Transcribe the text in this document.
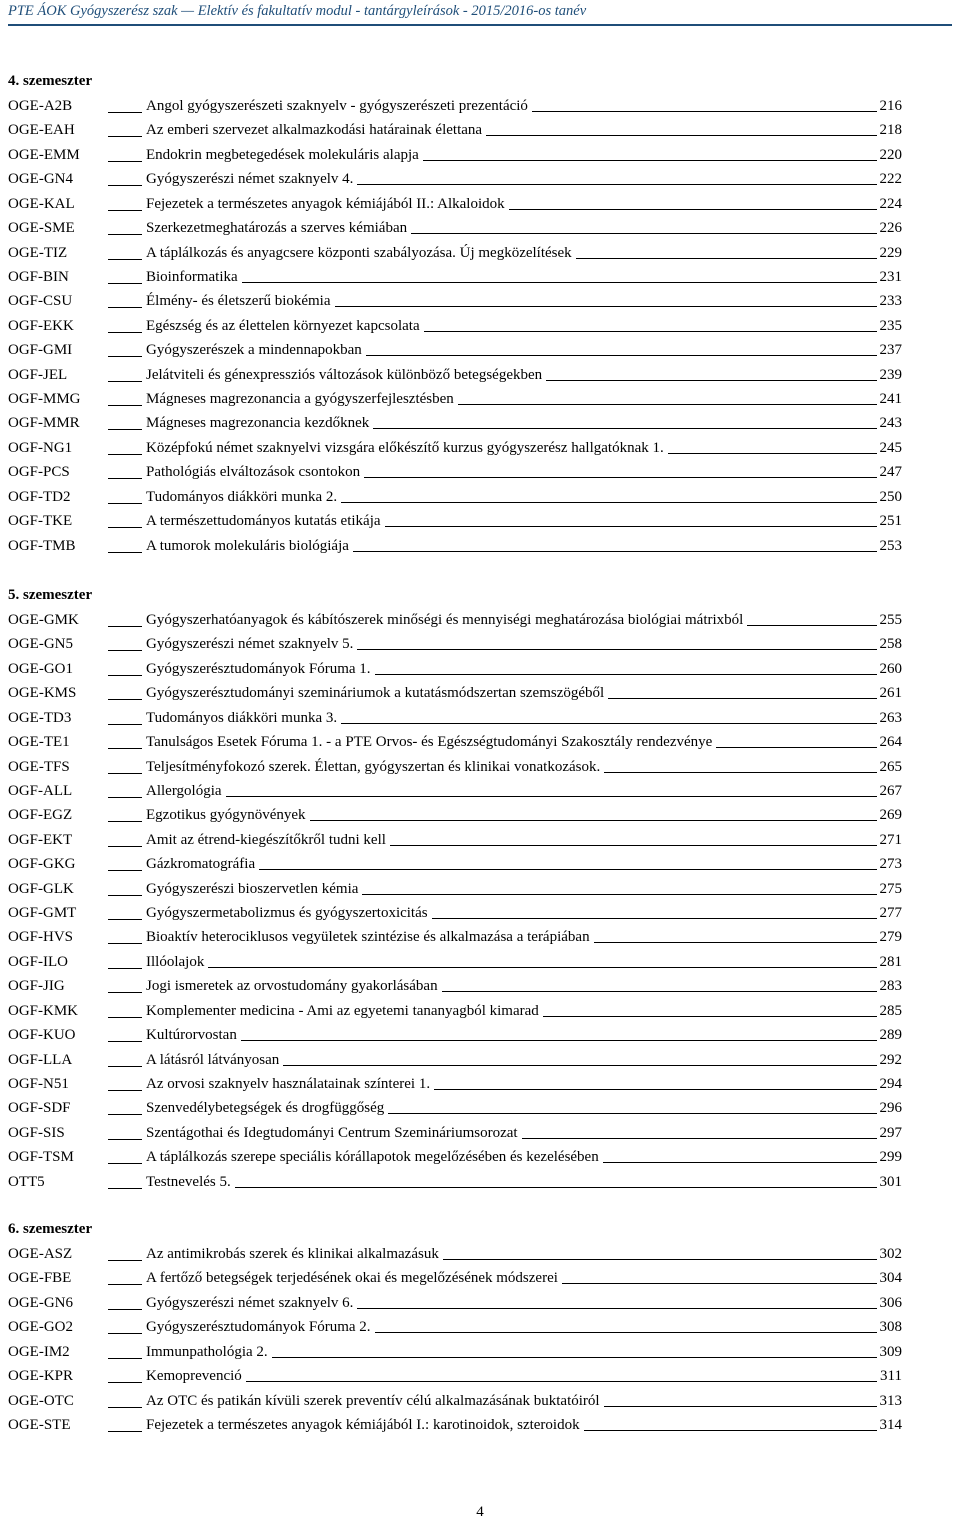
PTE ÁOK Gyógyszerész szak — Elektív és fakultatív modul - tantárgyleírások - 2015/2016-os tanév
4. szemeszter
OGE-A2B	Angol gyógyszerészeti szaknyelv - gyógyszerészeti prezentáció	216
OGE-EAH	Az emberi szervezet alkalmazkodási határainak élettana	218
OGE-EMM	Endokrin megbetegedések molekuláris alapja	220
OGE-GN4	Gyógyszerészi német szaknyelv 4.	222
OGE-KAL	Fejezetek a természetes anyagok kémiájából II.: Alkaloidok	224
OGE-SME	Szerkezetmeghatározás a szerves kémiában	226
OGE-TIZ	A táplálkozás és anyagcsere központi szabályozása. Új megközelítések	229
OGF-BIN	Bioinformatika	231
OGF-CSU	Élmény- és életszerű biokémia	233
OGF-EKK	Egészség és az élettelen környezet kapcsolata	235
OGF-GMI	Gyógyszerészek a mindennapokban	237
OGF-JEL	Jelátviteli és génexpressziós változások különböző betegségekben	239
OGF-MMG	Mágneses magrezonancia a gyógyszerfejlesztésben	241
OGF-MMR	Mágneses magrezonancia kezdőknek	243
OGF-NG1	Középfokú német szaknyelvi vizsgára előkészítő kurzus gyógyszerész hallgatóknak 1.	245
OGF-PCS	Pathológiás elváltozások csontokon	247
OGF-TD2	Tudományos diákköri munka 2.	250
OGF-TKE	A természettudományos kutatás etikája	251
OGF-TMB	A tumorok molekuláris biológiája	253
5. szemeszter
OGE-GMK	Gyógyszerhatóanyagok és kábítószerek minőségi és mennyiségi meghatározása biológiai mátrixból	255
OGE-GN5	Gyógyszerészi német szaknyelv 5.	258
OGE-GO1	Gyógyszerésztudományok Fóruma 1.	260
OGE-KMS	Gyógyszerésztudományi szemináriumok a kutatásmódszertan szemszögéből	261
OGE-TD3	Tudományos diákköri munka 3.	263
OGE-TE1	Tanulságos Esetek Fóruma 1. - a PTE Orvos- és Egészségtudományi Szakosztály rendezvénye	264
OGE-TFS	Teljesítményfokozó szerek. Élettan, gyógyszertan és klinikai vonatkozások.	265
OGF-ALL	Allergológia	267
OGF-EGZ	Egzotikus gyógynövények	269
OGF-EKT	Amit az étrend-kiegészítőkről tudni kell	271
OGF-GKG	Gázkromatográfia	273
OGF-GLK	Gyógyszerészi bioszervetlen kémia	275
OGF-GMT	Gyógyszermetabolizmus és gyógyszertoxicitás	277
OGF-HVS	Bioaktív heterociklusos vegyületek szintézise és alkalmazása a terápiában	279
OGF-ILO	Illóolajok	281
OGF-JIG	Jogi ismeretek az orvostudomány gyakorlásában	283
OGF-KMK	Komplementer medicina - Ami az egyetemi tananyagból kimarad	285
OGF-KUO	Kultúrorvostan	289
OGF-LLA	A látásról látványosan	292
OGF-N51	Az orvosi szaknyelv használatainak színterei 1.	294
OGF-SDF	Szenvedélybetegségek és drogfüggőség	296
OGF-SIS	Szentágothai és Idegtudományi Centrum Szemináriumsorozat	297
OGF-TSM	A táplálkozás szerepe speciális kórállapotok megelőzésében és kezelésében	299
OTT5	Testnevelés 5.	301
6. szemeszter
OGE-ASZ	Az antimikrobás szerek és klinikai alkalmazásuk	302
OGE-FBE	A fertőző betegségek terjedésének okai és megelőzésének módszerei	304
OGE-GN6	Gyógyszerészi német szaknyelv 6.	306
OGE-GO2	Gyógyszerésztudományok Fóruma 2.	308
OGE-IM2	Immunpathológia 2.	309
OGE-KPR	Kemoprevenció	311
OGE-OTC	Az OTC és patikán kívüli szerek preventív célú alkalmazásának buktatóiról	313
OGE-STE	Fejezetek a természetes anyagok kémiájából I.: karotinoidok, szteroidok	314
4
